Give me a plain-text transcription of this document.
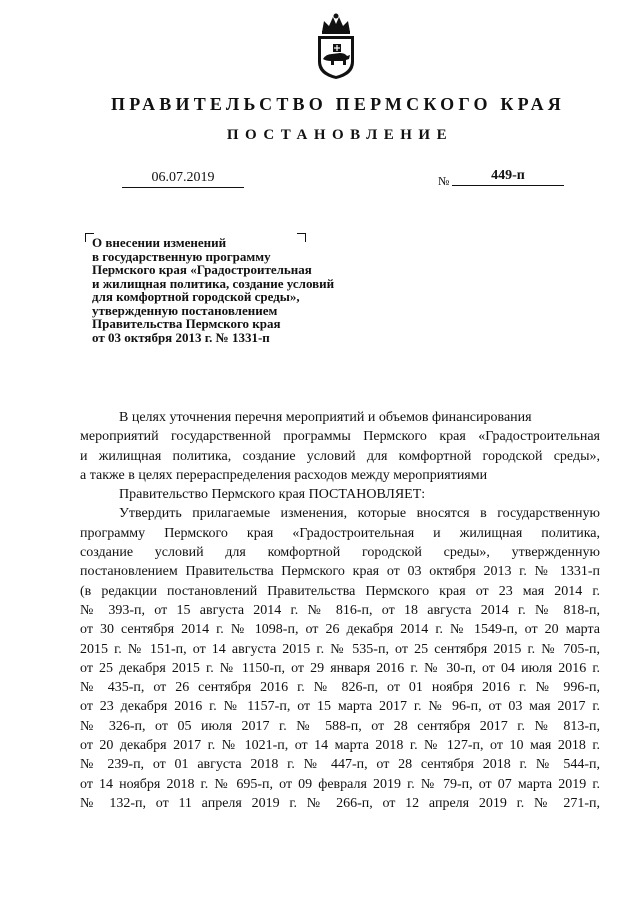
ПРАВИТЕЛЬСТВО ПЕРМСКОГО КРАЯ
ПОСТАНОВЛЕНИЕ
06.07.2019	№	449-п
О внесении изменений
в государственную программу
Пермского края «Градостроительная
и жилищная политика, создание условий
для комфортной городской среды»,
утвержденную постановлением
Правительства Пермского края
от 03 октября 2013 г. № 1331-п
В целях уточнения перечня мероприятий и объемов финансирования
мероприятий государственной программы Пермского края «Градостроительная
и жилищная политика, создание условий для комфортной городской среды»,
а также в целях перераспределения расходов между мероприятиями
Правительство Пермского края ПОСТАНОВЛЯЕТ:
Утвердить прилагаемые изменения, которые вносятся в государственную
программу Пермского края «Градостроительная и жилищная политика,
создание условий для комфортной городской среды», утвержденную
постановлением Правительства Пермского края от 03 октября 2013 г. № 1331-п
(в редакции постановлений Правительства Пермского края от 23 мая 2014 г.
№ 393-п, от 15 августа 2014 г. № 816-п, от 18 августа 2014 г. № 818-п,
от 30 сентября 2014 г. № 1098-п, от 26 декабря 2014 г. № 1549-п, от 20 марта
2015 г. № 151-п, от 14 августа 2015 г. № 535-п, от 25 сентября 2015 г. № 705-п,
от 25 декабря 2015 г. № 1150-п, от 29 января 2016 г. № 30-п, от 04 июля 2016 г.
№ 435-п, от 26 сентября 2016 г. № 826-п, от 01 ноября 2016 г. № 996-п,
от 23 декабря 2016 г. № 1157-п, от 15 марта 2017 г. № 96-п, от 03 мая 2017 г.
№ 326-п, от 05 июля 2017 г. № 588-п, от 28 сентября 2017 г. № 813-п,
от 20 декабря 2017 г. № 1021-п, от 14 марта 2018 г. № 127-п, от 10 мая 2018 г.
№ 239-п, от 01 августа 2018 г. № 447-п, от 28 сентября 2018 г. № 544-п,
от 14 ноября 2018 г. № 695-п, от 09 февраля 2019 г. № 79-п, от 07 марта 2019 г.
№ 132-п, от 11 апреля 2019 г. № 266-п, от 12 апреля 2019 г. № 271-п,
